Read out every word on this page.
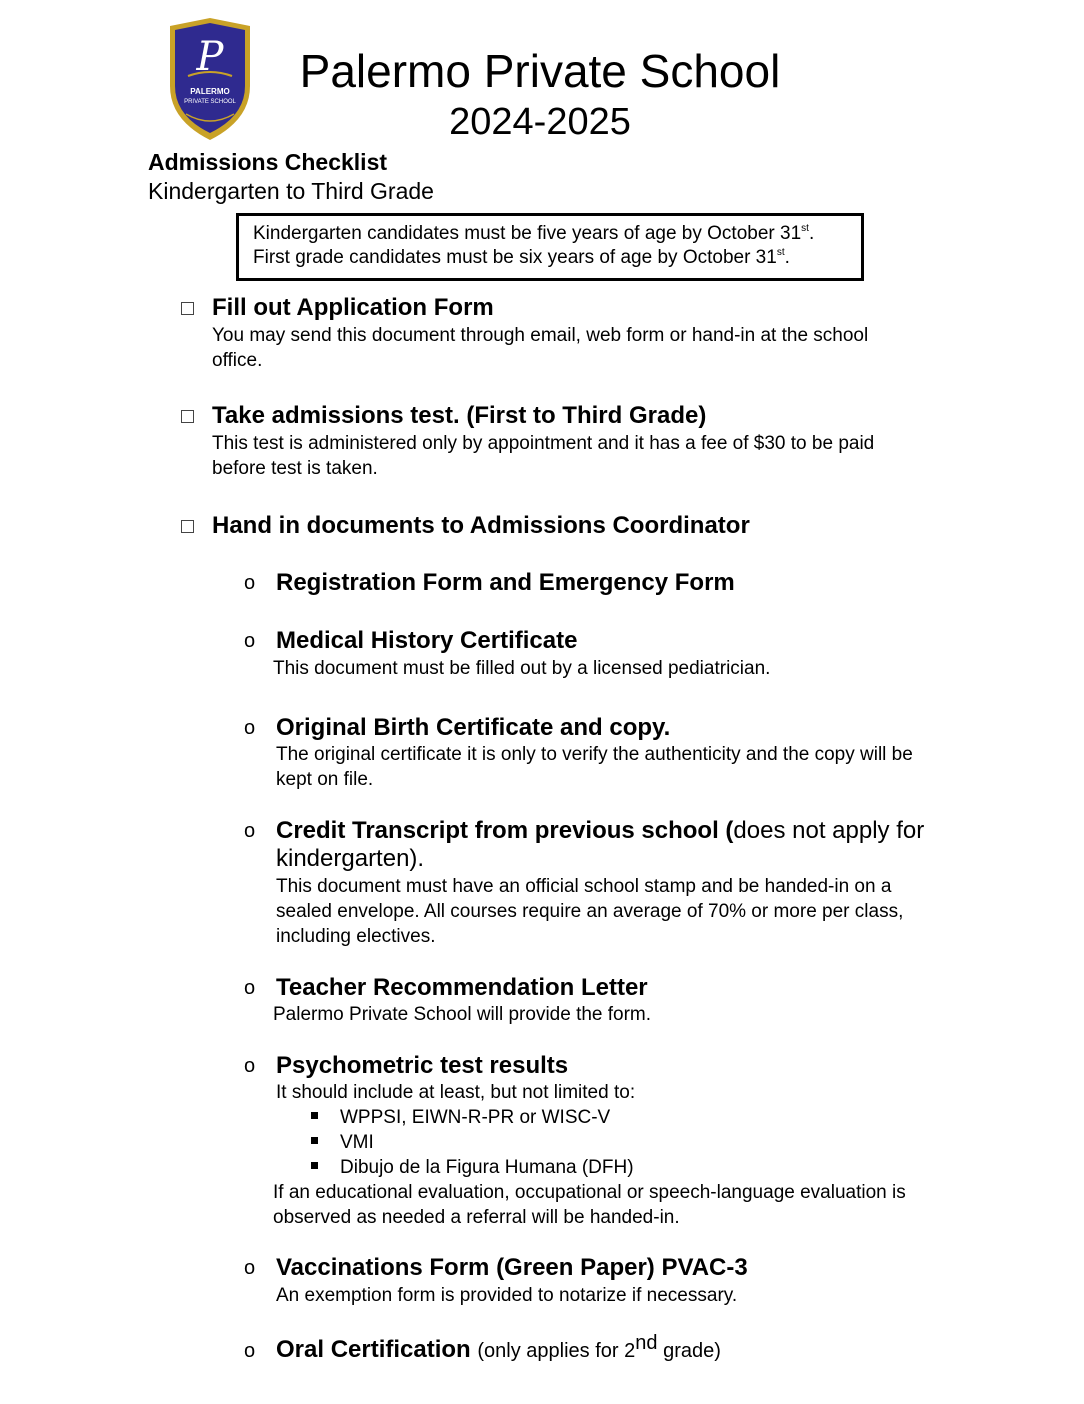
P
PALERMO
PRIVATE SCHOOL
Palermo Private School
2024-2025
Admissions Checklist
Kindergarten to Third Grade
Kindergarten candidates must be five years of age by October 31st.
First grade candidates must be six years of age by October 31st.
Fill out Application Form
You may send this document through email, web form or hand-in at the school office.
Take admissions test. (First to Third Grade)
This test is administered only by appointment and it has a fee of $30 to be paid before test is taken.
Hand in documents to Admissions Coordinator
o Registration Form and Emergency Form
o Medical History Certificate
This document must be filled out by a licensed pediatrician.
o Original Birth Certificate and copy.
The original certificate it is only to verify the authenticity and the copy will be kept on file.
o Credit Transcript from previous school (does not apply for
kindergarten).
This document must have an official school stamp and be handed-in on a sealed envelope. All courses require an average of 70% or more per class, including electives.
o Teacher Recommendation Letter
Palermo Private School will provide the form.
o Psychometric test results
It should include at least, but not limited to:
WPPSI, EIWN-R-PR or WISC-V
VMI
Dibujo de la Figura Humana (DFH)
If an educational evaluation, occupational or speech-language evaluation is observed as needed a referral will be handed-in.
o Vaccinations Form (Green Paper) PVAC-3
An exemption form is provided to notarize if necessary.
o Oral Certification (only applies for 2nd grade)
